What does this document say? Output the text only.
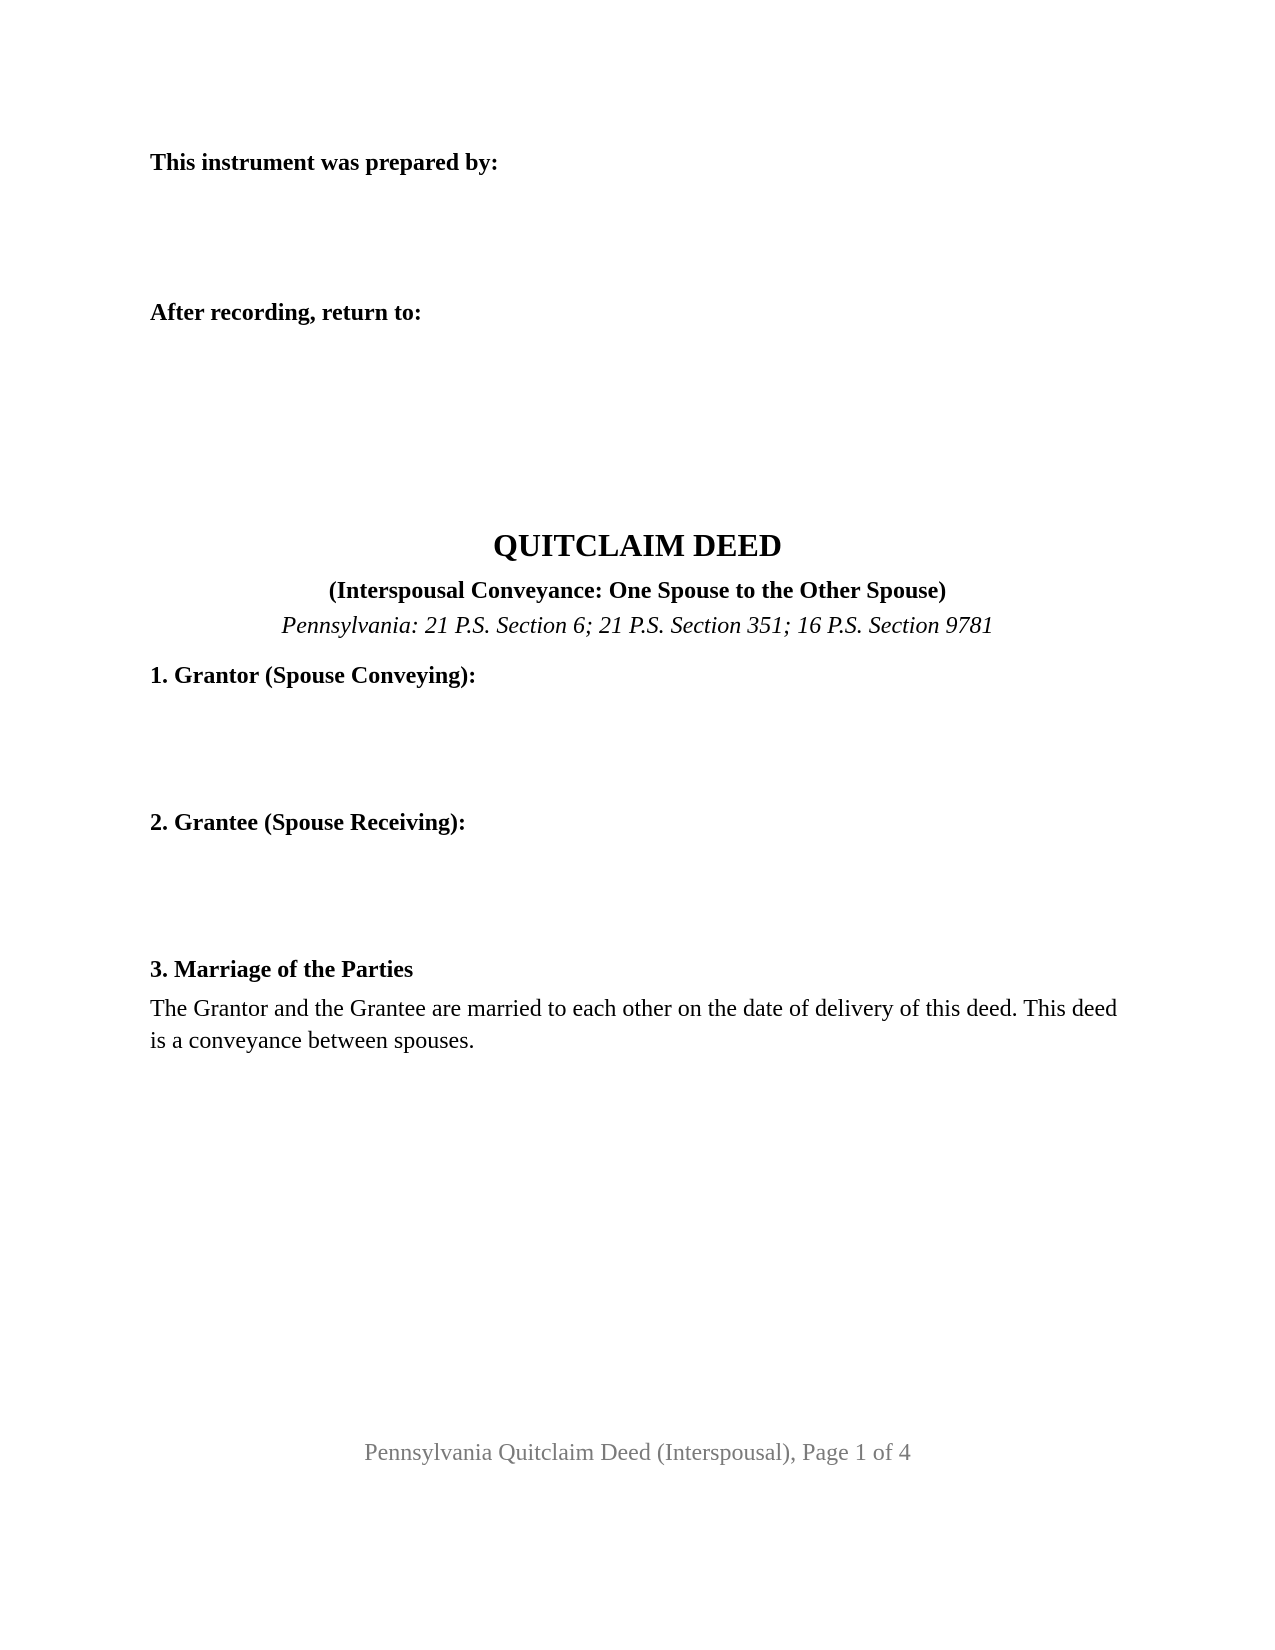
This instrument was prepared by:

After recording, return to:

QUITCLAIM DEED
(Interspousal Conveyance: One Spouse to the Other Spouse)

Pennsylvania: 21 P.S. Section 6; 21 P.S. Section 351; 16 P.S. Section 9781

1. Grantor (Spouse Conveying):
2. Grantee (Spouse Receiving):
3. Marriage of the Parties

The Grantor and the Grantee are married to each other on the date of delivery of this deed. This deed is a conveyance between spouses.

Pennsylvania Quitclaim Deed (Interspousal), Page 1 of 4
